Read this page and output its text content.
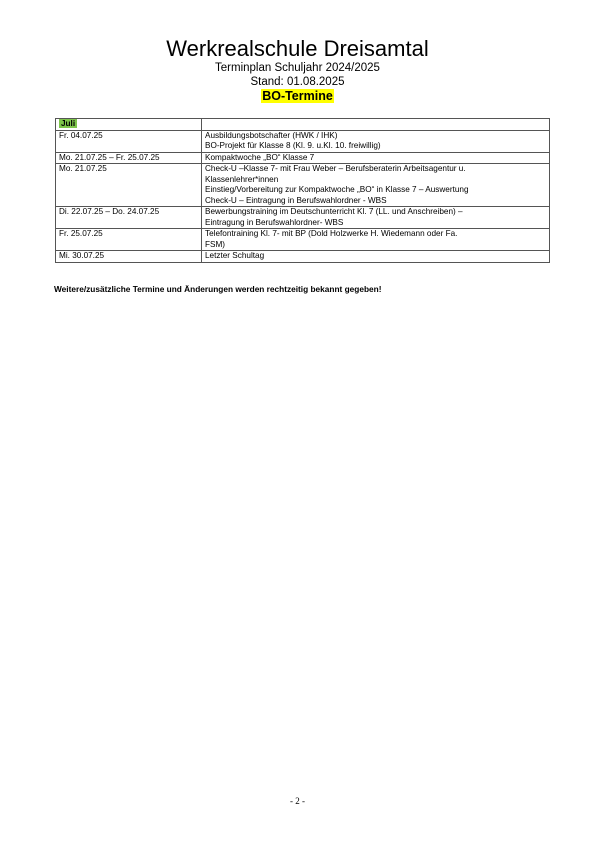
Werkrealschule Dreisamtal
Terminplan Schuljahr 2024/2025
Stand: 01.08.2025
BO-Termine
Juli	
Fr. 04.07.25	Ausbildungsbotschafter (HWK / IHK)
BO-Projekt für Klasse 8 (Kl. 9. u.Kl. 10. freiwillig)

Mo. 21.07.25 – Fr. 25.07.25	Kompaktwoche „BO“ Klasse 7

Mo. 21.07.25	Check-U –Klasse 7- mit Frau Weber – Berufsberaterin Arbeitsagentur u.
Klassenlehrer*innen
Einstieg/Vorbereitung zur Kompaktwoche „BO“ in Klasse 7 – Auswertung
Check-U – Eintragung in Berufswahlordner - WBS

Di. 22.07.25 – Do. 24.07.25	Bewerbungstraining im Deutschunterricht Kl. 7 (LL. und Anschreiben) –
Eintragung in Berufswahlordner- WBS

Fr. 25.07.25	Telefontraining Kl. 7- mit BP (Dold Holzwerke H. Wiedemann oder Fa.
FSM)

Mi. 30.07.25	Letzter Schultag
Weitere/zusätzliche Termine und Änderungen werden rechtzeitig bekannt gegeben!
- 2 -
